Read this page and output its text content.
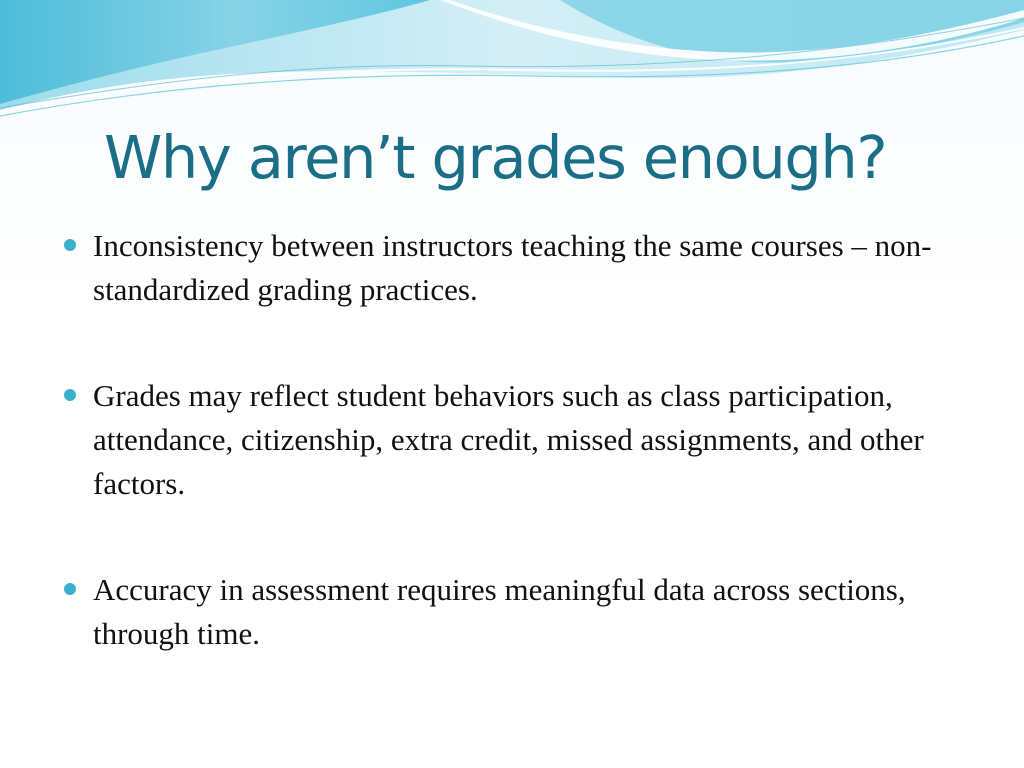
Why aren’t grades enough?
Inconsistency between instructors teaching the same courses – non-standardized grading practices.
Grades may reflect student behaviors such as class participation, attendance, citizenship, extra credit, missed assignments, and other factors.
Accuracy in assessment requires meaningful data across sections, through time.
